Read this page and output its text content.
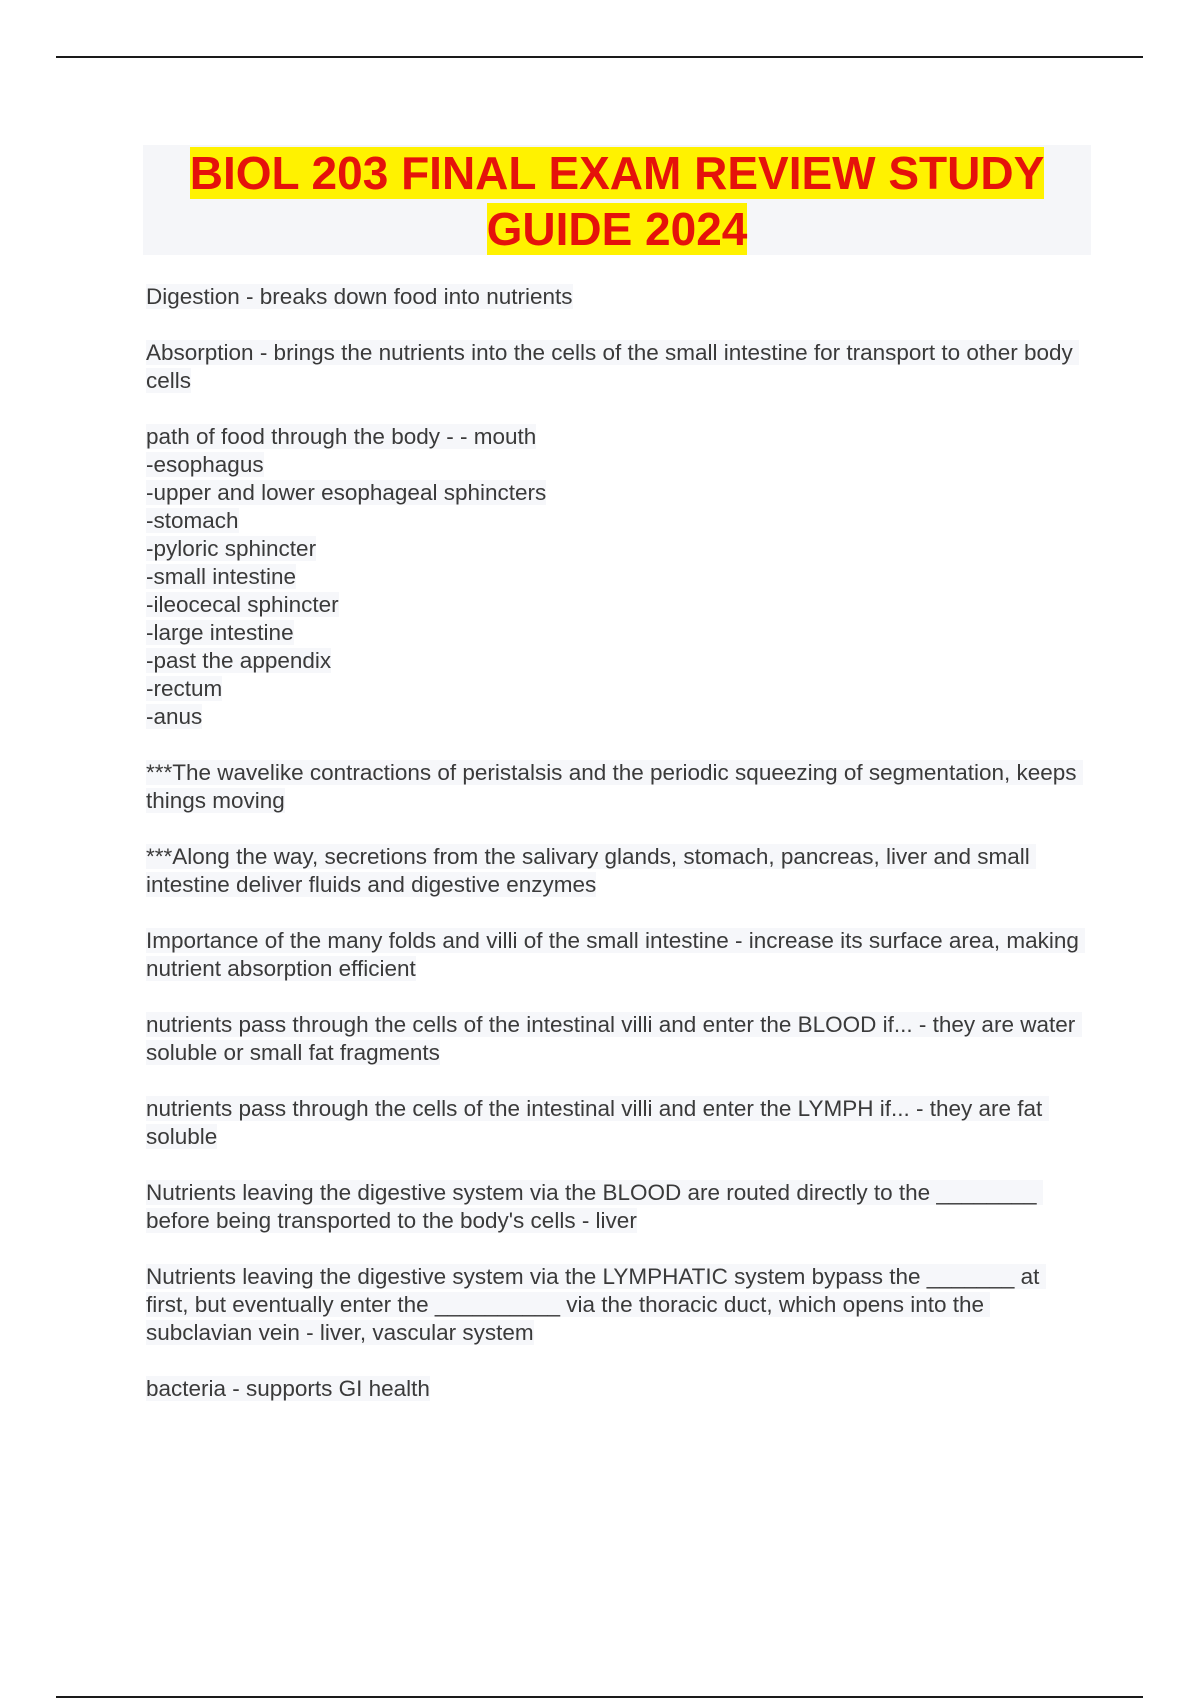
BIOL 203 FINAL EXAM REVIEW STUDY GUIDE 2024

Digestion - breaks down food into nutrients

Absorption - brings the nutrients into the cells of the small intestine for transport to other body cells

path of food through the body - - mouth
-esophagus
-upper and lower esophageal sphincters
-stomach
-pyloric sphincter
-small intestine
-ileocecal sphincter
-large intestine
-past the appendix
-rectum
-anus

***The wavelike contractions of peristalsis and the periodic squeezing of segmentation, keeps things moving

***Along the way, secretions from the salivary glands, stomach, pancreas, liver and small intestine deliver fluids and digestive enzymes

Importance of the many folds and villi of the small intestine - increase its surface area, making nutrient absorption efficient

nutrients pass through the cells of the intestinal villi and enter the BLOOD if... - they are water soluble or small fat fragments

nutrients pass through the cells of the intestinal villi and enter the LYMPH if... - they are fat soluble

Nutrients leaving the digestive system via the BLOOD are routed directly to the ________ before being transported to the body's cells - liver

Nutrients leaving the digestive system via the LYMPHATIC system bypass the _______ at first, but eventually enter the __________ via the thoracic duct, which opens into the subclavian vein - liver, vascular system

bacteria - supports GI health
